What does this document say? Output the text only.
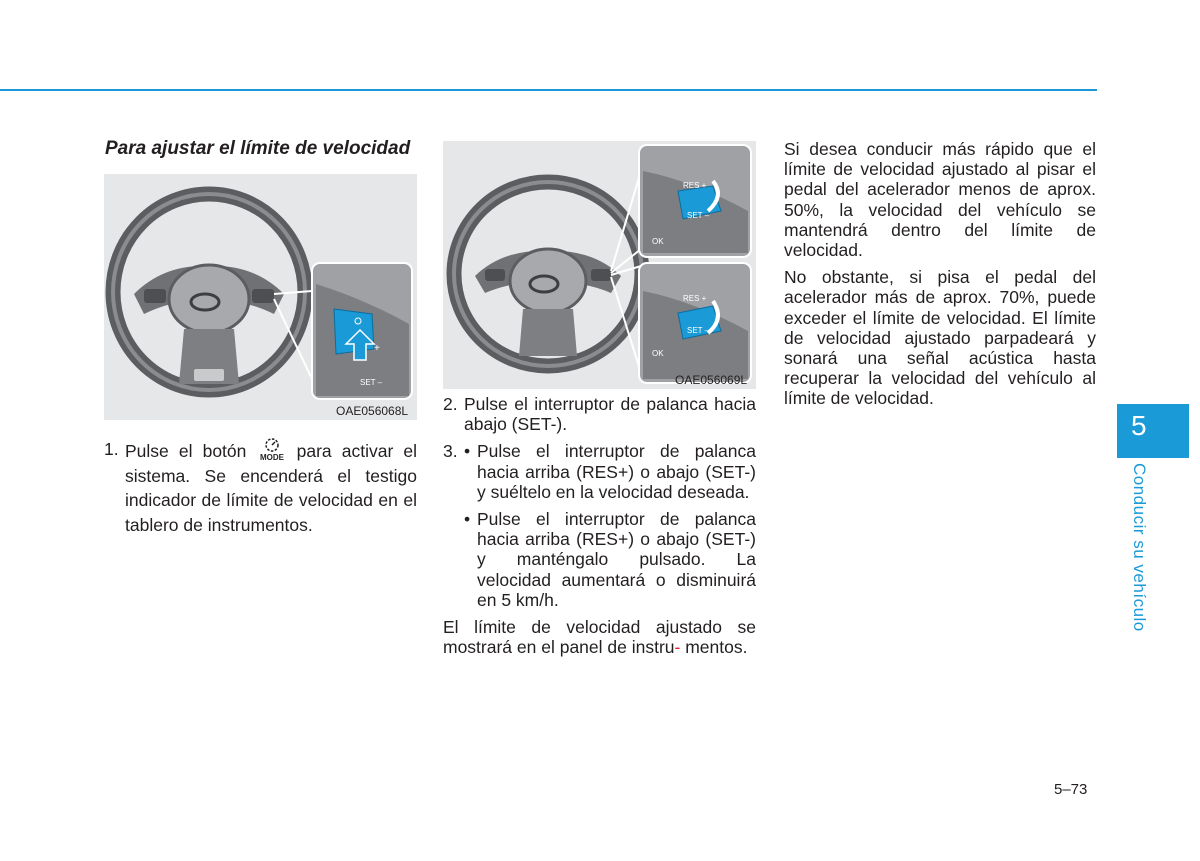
Para ajustar el límite de velocidad
OAE056068L
+
SET –
RES +
SET –
OK
RES +
SET –
OK
OAE056069L
1. Pulse el botón MODE para activar el sistema. Se encenderá el testigo indicador de límite de velocidad en el tablero de instrumentos.
2. Pulse el interruptor de palanca hacia abajo (SET-).
3. • Pulse el interruptor de palanca hacia arriba (RES+) o abajo (SET-) y suéltelo en la velocidad deseada.
• Pulse el interruptor de palanca hacia arriba (RES+) o abajo (SET-) y manténgalo pulsado. La velocidad aumentará o disminuirá en 5 km/h.
El límite de velocidad ajustado se mostrará en el panel de instru- mentos.
Si desea conducir más rápido que el límite de velocidad ajustado al pisar el pedal del acelerador menos de aprox. 50%, la velocidad del vehículo se mantendrá dentro del límite de velocidad.
No obstante, si pisa el pedal del acelerador más de aprox. 70%, puede exceder el límite de velocidad. El límite de velocidad ajustado parpadeará y sonará una señal acústica hasta recuperar la velocidad del vehículo al límite de velocidad.
5
Conducir su vehículo
5–73
